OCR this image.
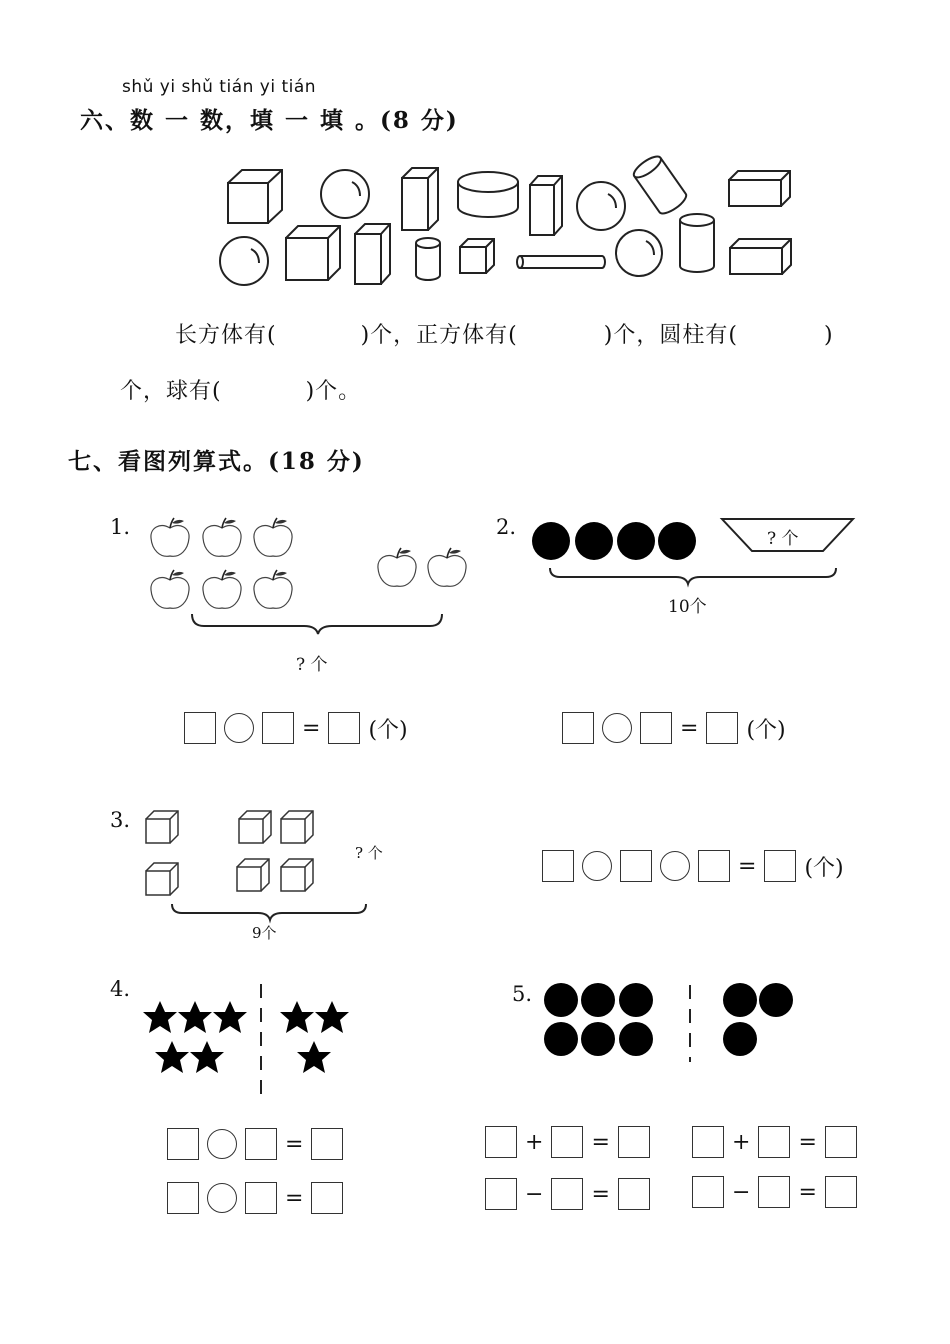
shǔ yi shǔ tián yi tián
六、数 一 数，填 一 填 。(8 分)
长方体有(	)个，正方体有(	)个，圆柱有(	)
个，球有(	)个。
七、看图列算式。(18 分)
1.
? 个
= (个)
2.	? 个
10个
= (个)
3.
? 个
9个
= (个)
4.
=
=
5.
+ =	+ =
− =	− =
